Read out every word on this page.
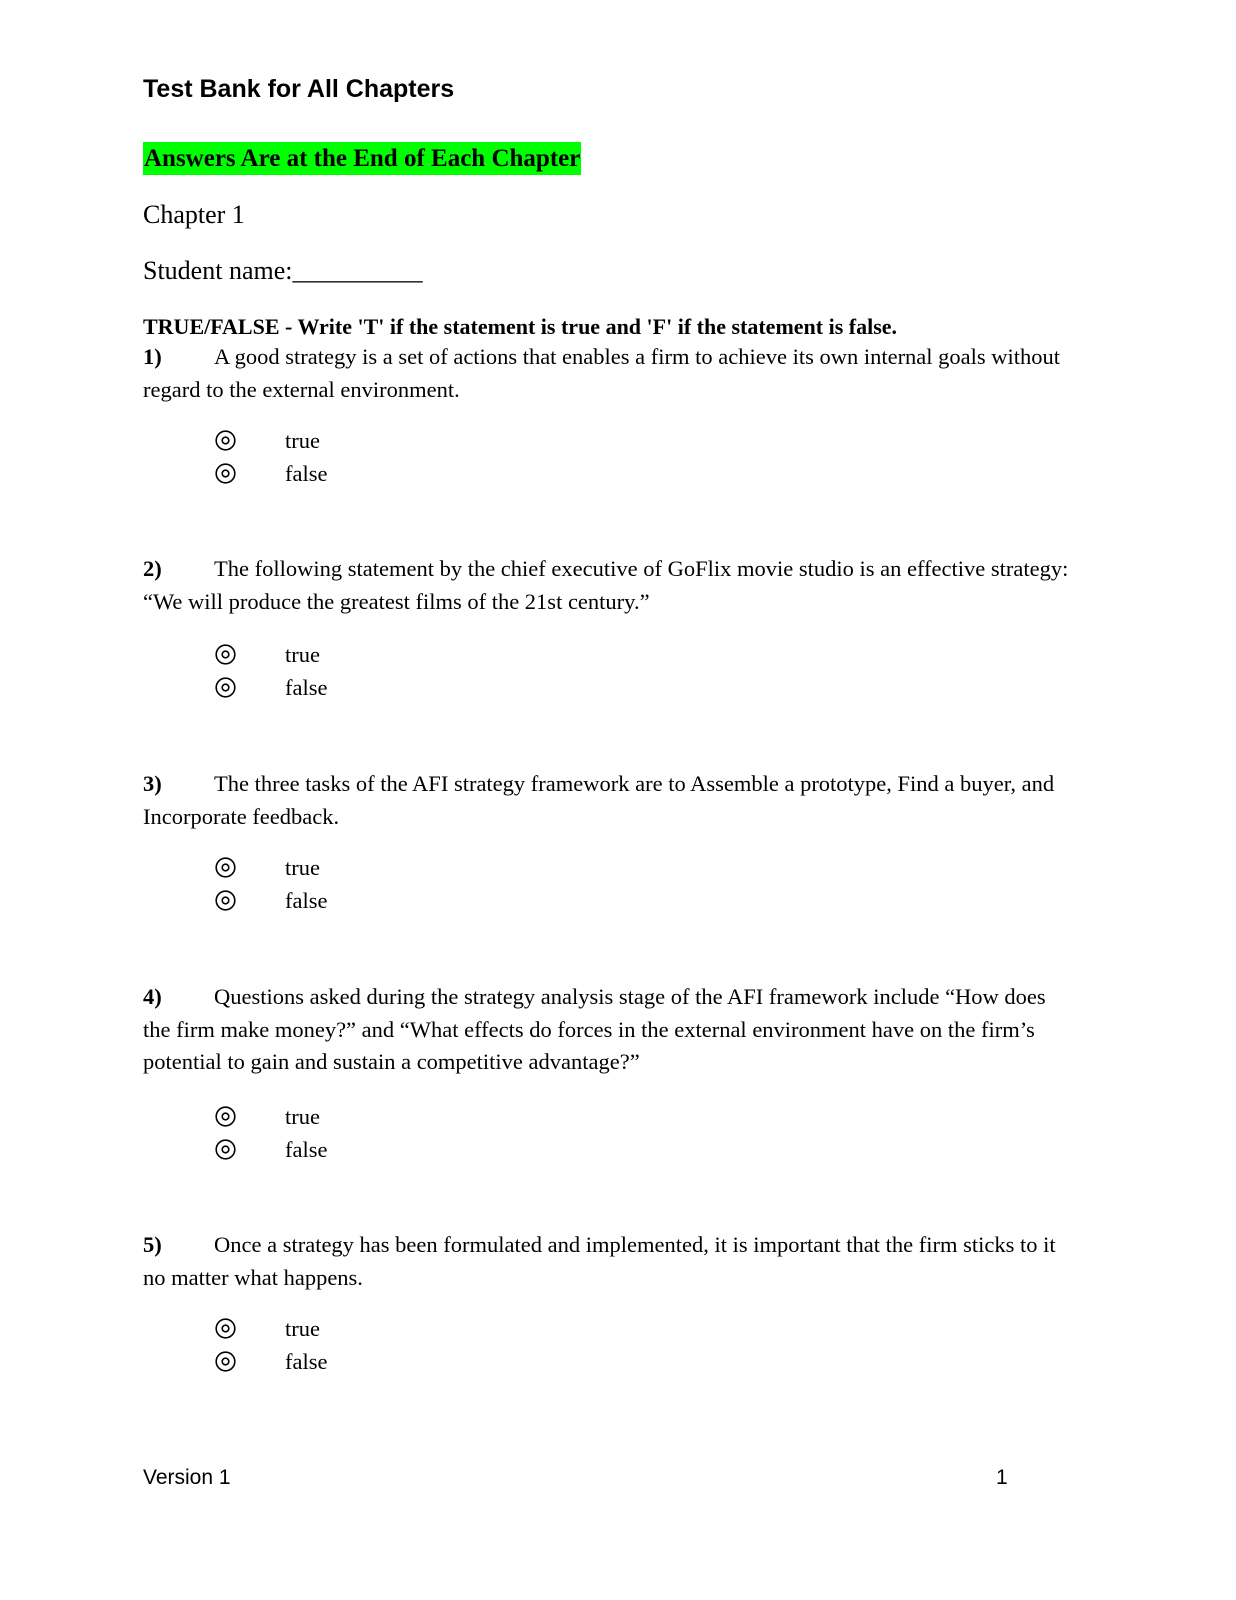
Test Bank for All Chapters
Answers Are at the End of Each Chapter
Chapter 1
Student name:__________
TRUE/FALSE - Write 'T' if the statement is true and 'F' if the statement is false.
1) A good strategy is a set of actions that enables a firm to achieve its own internal goals without regard to the external environment.
true
false
2) The following statement by the chief executive of GoFlix movie studio is an effective strategy: “We will produce the greatest films of the 21st century.”
true
false
3) The three tasks of the AFI strategy framework are to Assemble a prototype, Find a buyer, and Incorporate feedback.
true
false
4) Questions asked during the strategy analysis stage of the AFI framework include “How does the firm make money?” and “What effects do forces in the external environment have on the firm’s potential to gain and sustain a competitive advantage?”
true
false
5) Once a strategy has been formulated and implemented, it is important that the firm sticks to it no matter what happens.
true
false
Version 1	1
